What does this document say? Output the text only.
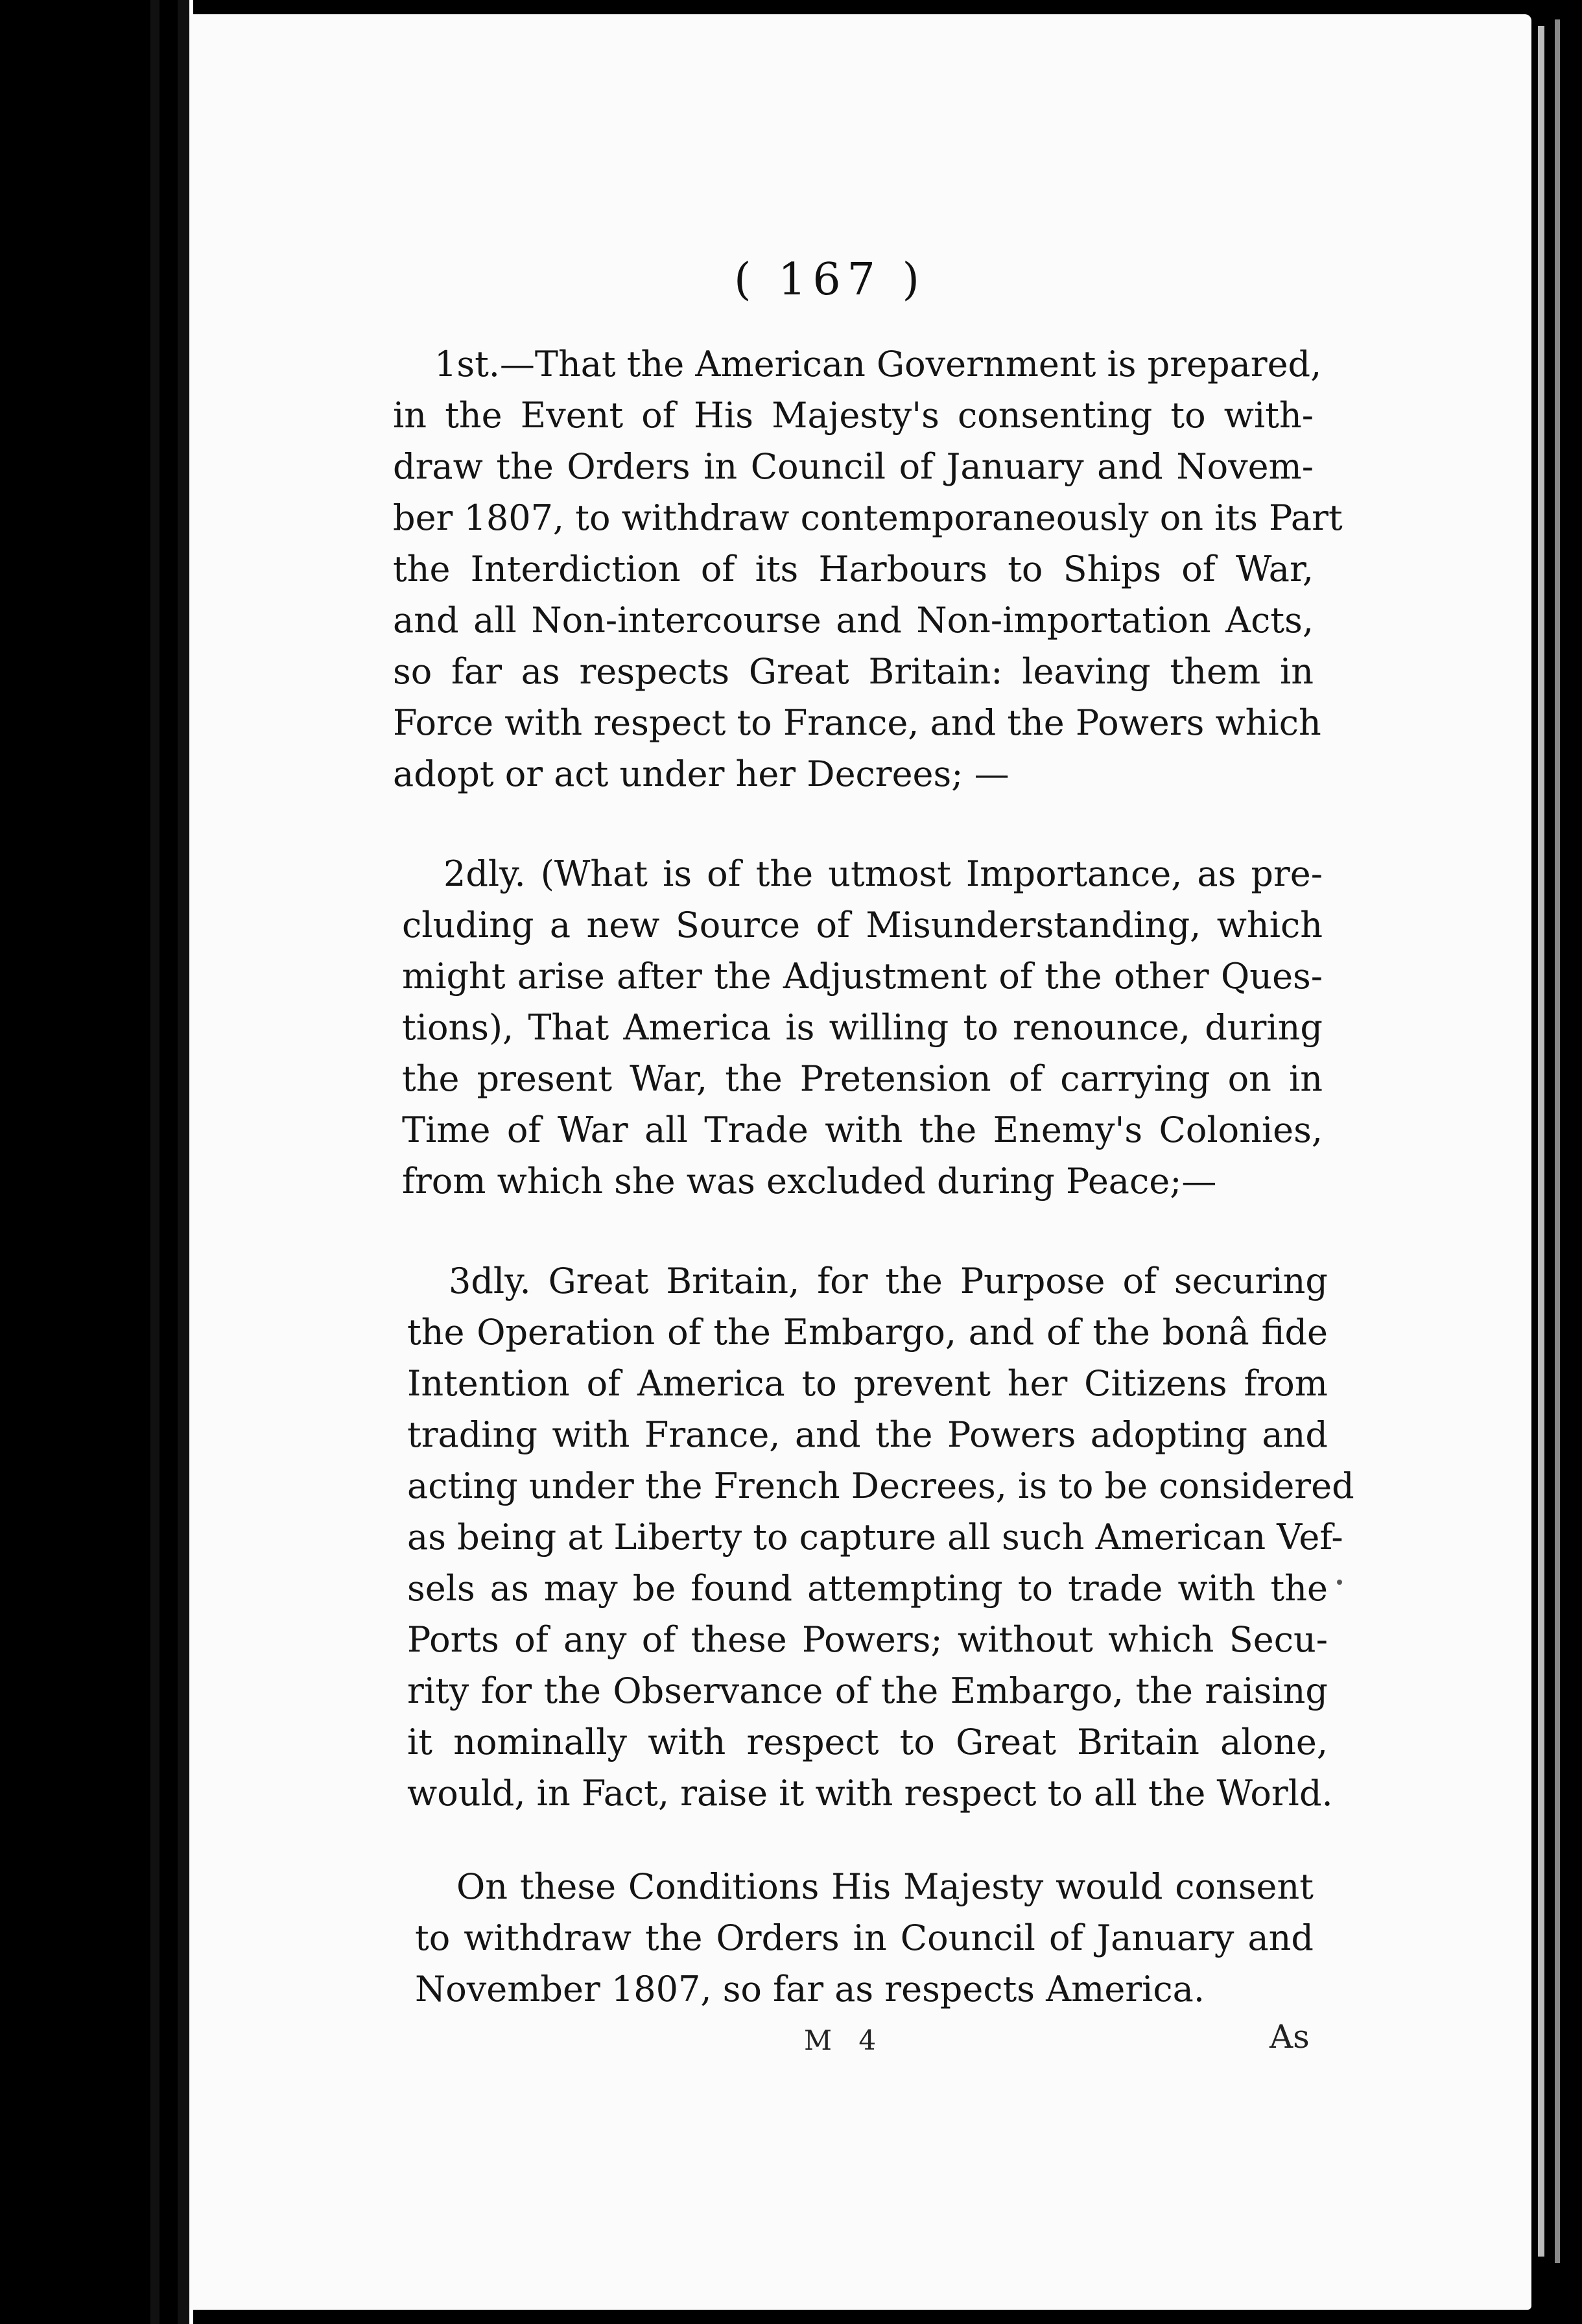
( 167 )
1st.—That the American Government is prepared,
in the Event of His Majesty's consenting to with-
draw the Orders in Council of January and Novem-
ber 1807, to withdraw contemporaneously on its Part
the Interdiction of its Harbours to Ships of War,
and all Non-intercourse and Non-importation Acts,
so far as respects Great Britain: leaving them in
Force with respect to France, and the Powers which
adopt or act under her Decrees; —
2dly. (What is of the utmost Importance, as pre-
cluding a new Source of Misunderstanding, which
might arise after the Adjustment of the other Ques-
tions), That America is willing to renounce, during
the present War, the Pretension of carrying on in
Time of War all Trade with the Enemy's Colonies,
from which she was excluded during Peace;—
3dly. Great Britain, for the Purpose of securing
the Operation of the Embargo, and of the bonâ fide
Intention of America to prevent her Citizens from
trading with France, and the Powers adopting and
acting under the French Decrees, is to be considered
as being at Liberty to capture all such American Vef-
sels as may be found attempting to trade with the
Ports of any of these Powers; without which Secu-
rity for the Observance of the Embargo, the raising
it nominally with respect to Great Britain alone,
would, in Fact, raise it with respect to all the World.
On these Conditions His Majesty would consent
to withdraw the Orders in Council of January and
November 1807, so far as respects America.
M 4	As
